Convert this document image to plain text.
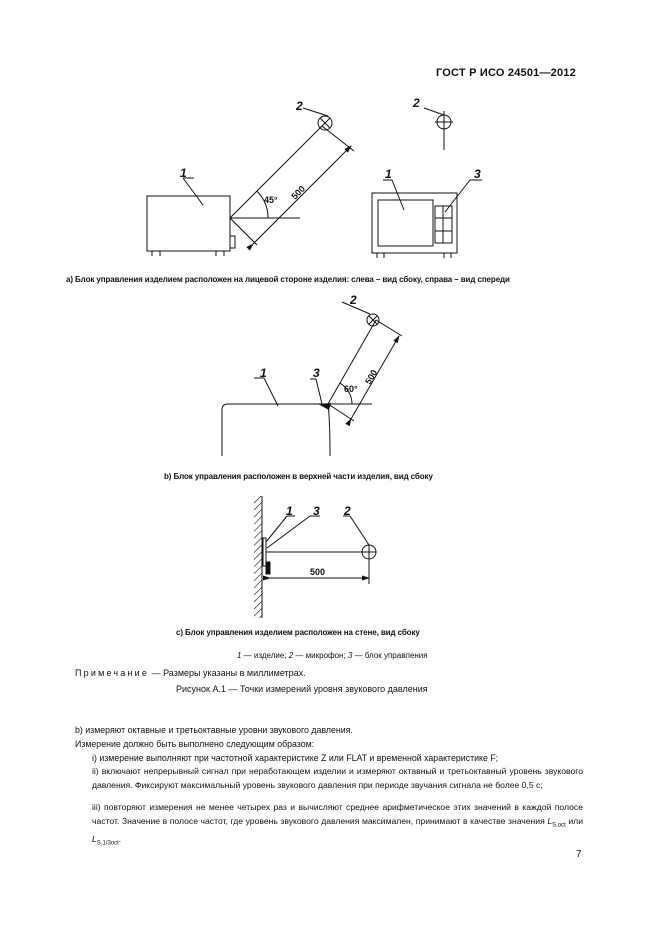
ГОСТ Р ИСО 24501—2012
1
2	2
1	3
45° 500
2
1	3
60°
500
1 3 2
500
a) Блок управления изделием расположен на лицевой стороне изделия: слева – вид сбоку, справа – вид спереди
b) Блок управления расположен в верхней части изделия, вид сбоку
c) Блок управления изделием расположен на стене, вид сбоку
1 — изделие; 2 — микрофон; 3 — блок управления
Примечание — Размеры указаны в миллиметрах.
Рисунок А.1 — Точки измерений уровня звукового давления
b) измеряют октавные и третьоктавные уровни звукового давления.
Измерение должно быть выполнено следующим образом:
i) измерение выполняют при частотной характеристике Z или FLAT и временной характеристике F;
ii) включают непрерывный сигнал при неработающем изделии и измеряют октавный и третьоктавный уровень звукового давления. Фиксируют максимальный уровень звукового давления при периоде звучания сигнала не более 0,5 с;
iii) повторяют измерения не менее четырех раз и вычисляют среднее арифметическое этих значений в каждой полосе частот. Значение в полосе частот, где уровень звукового давления максимален, принимают в качестве значения $L_{S,oct}$ или $L_{S,1/3oct}$.
7
